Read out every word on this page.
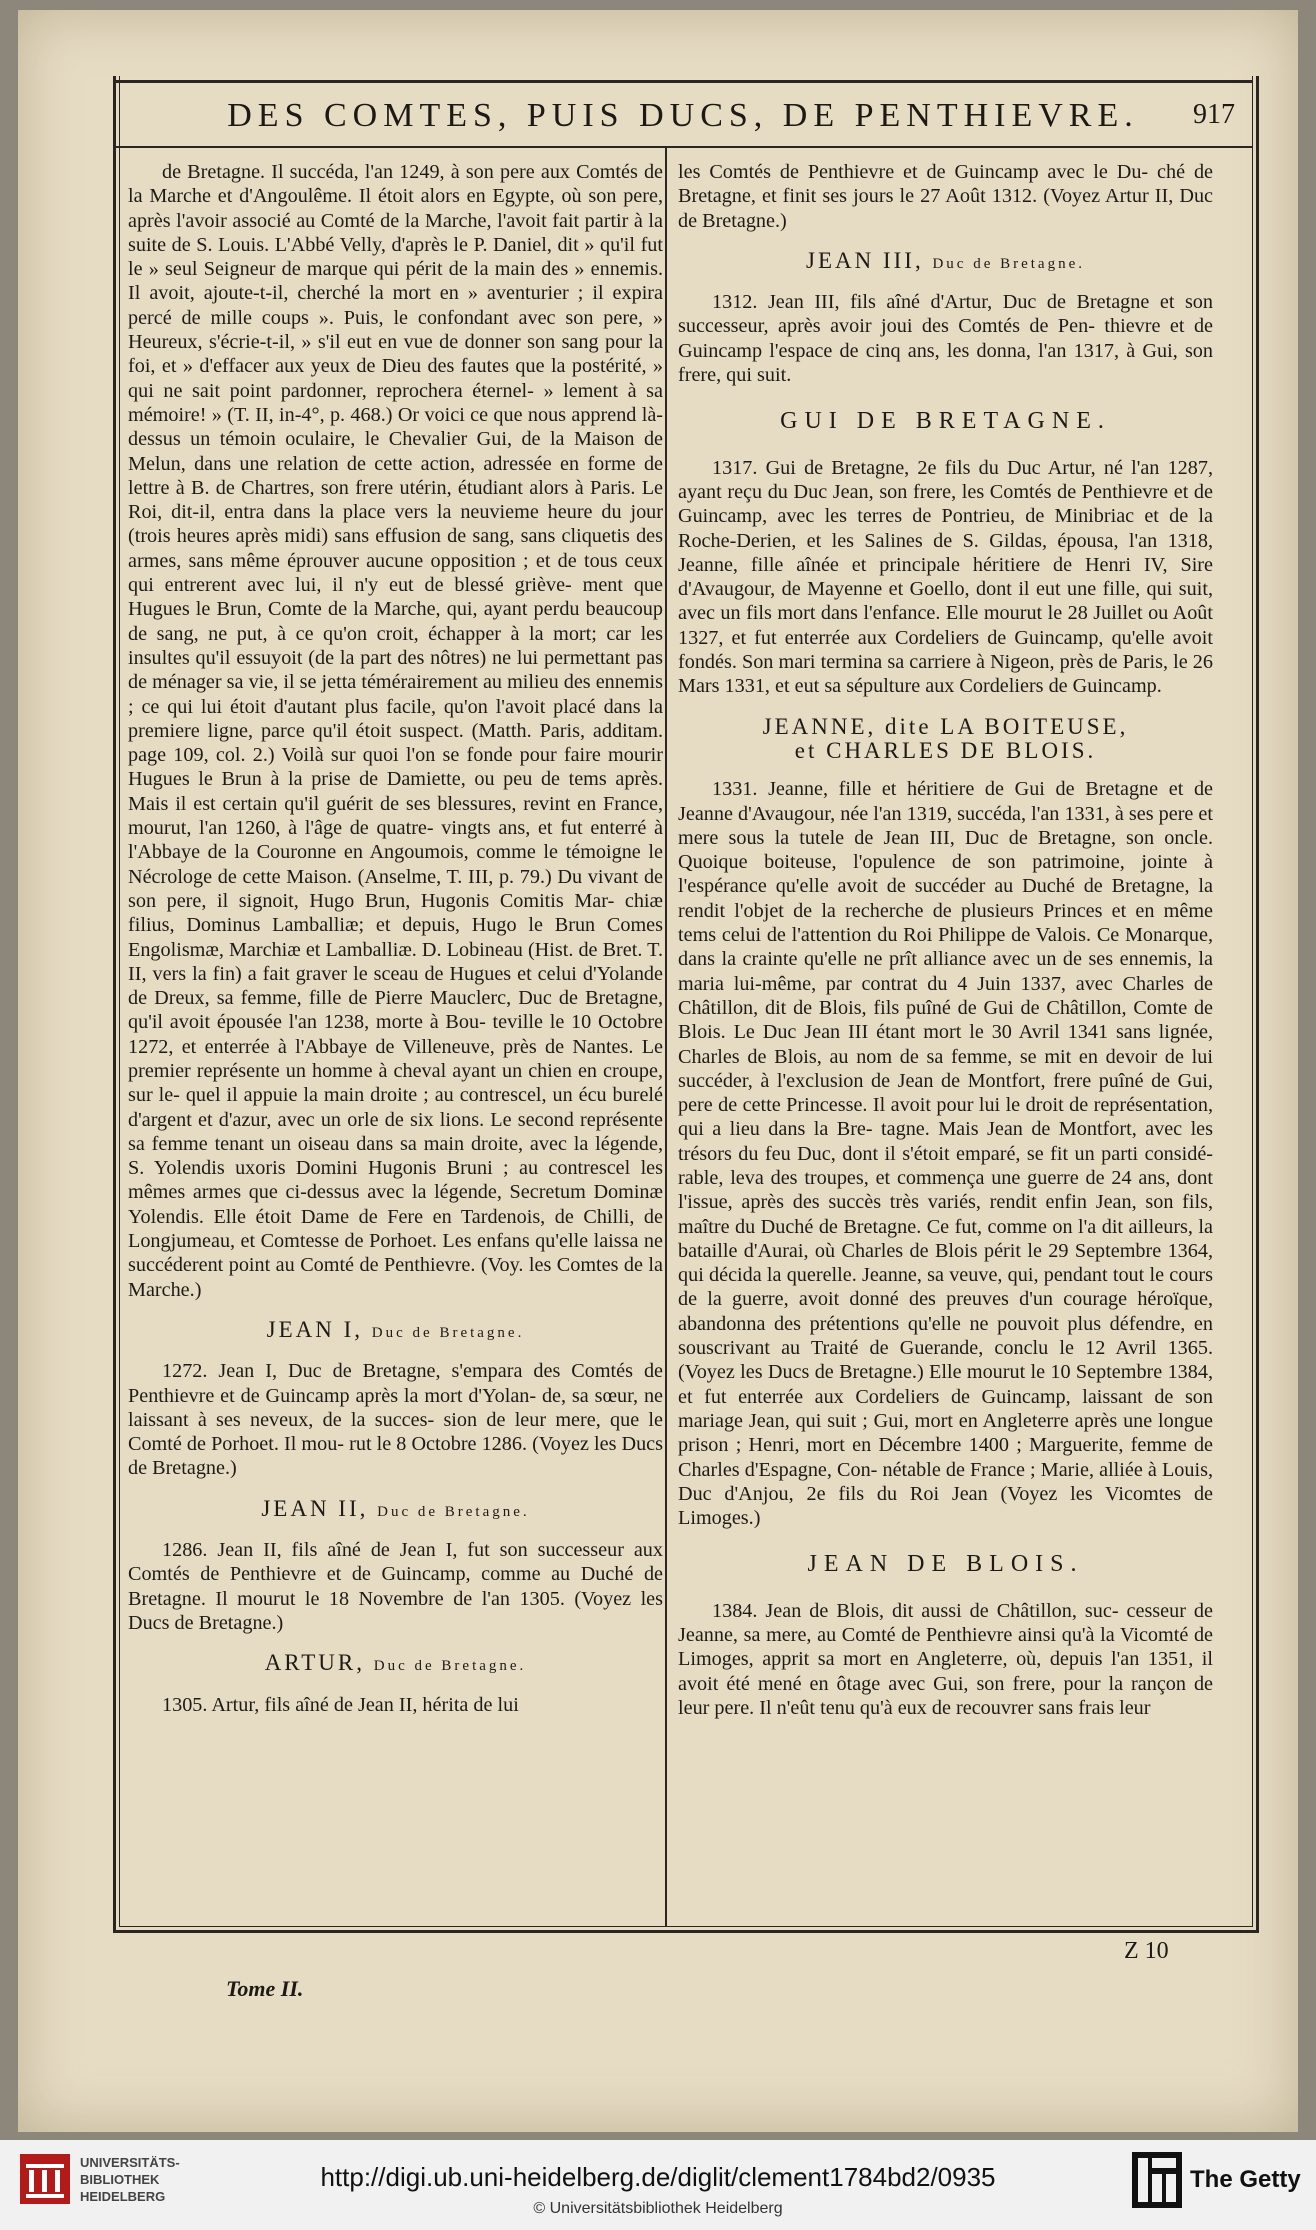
DES COMTES, PUIS DUCS, DE PENTHIEVRE.	917

de Bretagne. Il succéda, l'an 1249, à son pere aux Comtés de la Marche et d'Angoulême. Il étoit alors en Egypte, où son pere, après l'avoir associé au Comté de la Marche, l'avoit fait partir à la suite de S. Louis. L'Abbé Velly, d'après le P. Daniel, dit » qu'il fut le » seul Seigneur de marque qui périt de la main des » ennemis. Il avoit, ajoute-t-il, cherché la mort en » aventurier ; il expira percé de mille coups ». Puis, le confondant avec son pere, » Heureux, s'écrie-t-il, » s'il eut en vue de donner son sang pour la foi, et » d'effacer aux yeux de Dieu des fautes que la postérité, » qui ne sait point pardonner, reprochera éternel- » lement à sa mémoire! » (T. II, in-4°, p. 468.) Or voici ce que nous apprend là-dessus un témoin oculaire, le Chevalier Gui, de la Maison de Melun, dans une relation de cette action, adressée en forme de lettre à B. de Chartres, son frere utérin, étudiant alors à Paris. Le Roi, dit-il, entra dans la place vers la neuvieme heure du jour (trois heures après midi) sans effusion de sang, sans cliquetis des armes, sans même éprouver aucune opposition ; et de tous ceux qui entrerent avec lui, il n'y eut de blessé griève- ment que Hugues le Brun, Comte de la Marche, qui, ayant perdu beaucoup de sang, ne put, à ce qu'on croit, échapper à la mort; car les insultes qu'il essuyoit (de la part des nôtres) ne lui permettant pas de ménager sa vie, il se jetta témérairement au milieu des ennemis ; ce qui lui étoit d'autant plus facile, qu'on l'avoit placé dans la premiere ligne, parce qu'il étoit suspect. (Matth. Paris, additam. page 109, col. 2.) Voilà sur quoi l'on se fonde pour faire mourir Hugues le Brun à la prise de Damiette, ou peu de tems après. Mais il est certain qu'il guérit de ses blessures, revint en France, mourut, l'an 1260, à l'âge de quatre- vingts ans, et fut enterré à l'Abbaye de la Couronne en Angoumois, comme le témoigne le Nécrologe de cette Maison. (Anselme, T. III, p. 79.) Du vivant de son pere, il signoit, Hugo Brun, Hugonis Comitis Mar- chiæ filius, Dominus Lamballiæ; et depuis, Hugo le Brun Comes Engolismæ, Marchiæ et Lamballiæ. D. Lobineau (Hist. de Bret. T. II, vers la fin) a fait graver le sceau de Hugues et celui d'Yolande de Dreux, sa femme, fille de Pierre Mauclerc, Duc de Bretagne, qu'il avoit épousée l'an 1238, morte à Bou- teville le 10 Octobre 1272, et enterrée à l'Abbaye de Villeneuve, près de Nantes. Le premier représente un homme à cheval ayant un chien en croupe, sur le- quel il appuie la main droite ; au contrescel, un écu burelé d'argent et d'azur, avec un orle de six lions. Le second représente sa femme tenant un oiseau dans sa main droite, avec la légende, S. Yolendis uxoris Domini Hugonis Bruni ; au contrescel les mêmes armes que ci-dessus avec la légende, Secretum Dominæ Yolendis. Elle étoit Dame de Fere en Tardenois, de Chilli, de Longjumeau, et Comtesse de Porhoet. Les enfans qu'elle laissa ne succéderent point au Comté de Penthievre. (Voy. les Comtes de la Marche.)

JEAN I, Duc de Bretagne.

1272. Jean I, Duc de Bretagne, s'empara des Comtés de Penthievre et de Guincamp après la mort d'Yolan- de, sa sœur, ne laissant à ses neveux, de la succes- sion de leur mere, que le Comté de Porhoet. Il mou- rut le 8 Octobre 1286. (Voyez les Ducs de Bretagne.)

JEAN II, Duc de Bretagne.

1286. Jean II, fils aîné de Jean I, fut son successeur aux Comtés de Penthievre et de Guincamp, comme au Duché de Bretagne. Il mourut le 18 Novembre de l'an 1305. (Voyez les Ducs de Bretagne.)

ARTUR, Duc de Bretagne.

1305. Artur, fils aîné de Jean II, hérita de lui

les Comtés de Penthievre et de Guincamp avec le Du- ché de Bretagne, et finit ses jours le 27 Août 1312. (Voyez Artur II, Duc de Bretagne.)

JEAN III, Duc de Bretagne.

1312. Jean III, fils aîné d'Artur, Duc de Bretagne et son successeur, après avoir joui des Comtés de Pen- thievre et de Guincamp l'espace de cinq ans, les donna, l'an 1317, à Gui, son frere, qui suit.

GUI DE BRETAGNE.

1317. Gui de Bretagne, 2e fils du Duc Artur, né l'an 1287, ayant reçu du Duc Jean, son frere, les Comtés de Penthievre et de Guincamp, avec les terres de Pontrieu, de Minibriac et de la Roche-Derien, et les Salines de S. Gildas, épousa, l'an 1318, Jeanne, fille aînée et principale héritiere de Henri IV, Sire d'Avaugour, de Mayenne et Goello, dont il eut une fille, qui suit, avec un fils mort dans l'enfance. Elle mourut le 28 Juillet ou Août 1327, et fut enterrée aux Cordeliers de Guincamp, qu'elle avoit fondés. Son mari termina sa carriere à Nigeon, près de Paris, le 26 Mars 1331, et eut sa sépulture aux Cordeliers de Guincamp.

JEANNE, dite LA BOITEUSE,
et CHARLES DE BLOIS.

1331. Jeanne, fille et héritiere de Gui de Bretagne et de Jeanne d'Avaugour, née l'an 1319, succéda, l'an 1331, à ses pere et mere sous la tutele de Jean III, Duc de Bretagne, son oncle. Quoique boiteuse, l'opulence de son patrimoine, jointe à l'espérance qu'elle avoit de succéder au Duché de Bretagne, la rendit l'objet de la recherche de plusieurs Princes et en même tems celui de l'attention du Roi Philippe de Valois. Ce Monarque, dans la crainte qu'elle ne prît alliance avec un de ses ennemis, la maria lui-même, par contrat du 4 Juin 1337, avec Charles de Châtillon, dit de Blois, fils puîné de Gui de Châtillon, Comte de Blois. Le Duc Jean III étant mort le 30 Avril 1341 sans lignée, Charles de Blois, au nom de sa femme, se mit en devoir de lui succéder, à l'exclusion de Jean de Montfort, frere puîné de Gui, pere de cette Princesse. Il avoit pour lui le droit de représentation, qui a lieu dans la Bre- tagne. Mais Jean de Montfort, avec les trésors du feu Duc, dont il s'étoit emparé, se fit un parti considé- rable, leva des troupes, et commença une guerre de 24 ans, dont l'issue, après des succès très variés, rendit enfin Jean, son fils, maître du Duché de Bretagne. Ce fut, comme on l'a dit ailleurs, la bataille d'Aurai, où Charles de Blois périt le 29 Septembre 1364, qui décida la querelle. Jeanne, sa veuve, qui, pendant tout le cours de la guerre, avoit donné des preuves d'un courage héroïque, abandonna des prétentions qu'elle ne pouvoit plus défendre, en souscrivant au Traité de Guerande, conclu le 12 Avril 1365. (Voyez les Ducs de Bretagne.) Elle mourut le 10 Septembre 1384, et fut enterrée aux Cordeliers de Guincamp, laissant de son mariage Jean, qui suit ; Gui, mort en Angleterre après une longue prison ; Henri, mort en Décembre 1400 ; Marguerite, femme de Charles d'Espagne, Con- nétable de France ; Marie, alliée à Louis, Duc d'Anjou, 2e fils du Roi Jean (Voyez les Vicomtes de Limoges.)

JEAN DE BLOIS.

1384. Jean de Blois, dit aussi de Châtillon, suc- cesseur de Jeanne, sa mere, au Comté de Penthievre ainsi qu'à la Vicomté de Limoges, apprit sa mort en Angleterre, où, depuis l'an 1351, il avoit été mené en ôtage avec Gui, son frere, pour la rançon de leur pere. Il n'eût tenu qu'à eux de recouvrer sans frais leur

Z 10
Tome II.
UNIVERSITÄTS-
BIBLIOTHEK
HEIDELBERG
http://digi.ub.uni-heidelberg.de/diglit/clement1784bd2/0935
© Universitätsbibliothek Heidelberg
The Getty
